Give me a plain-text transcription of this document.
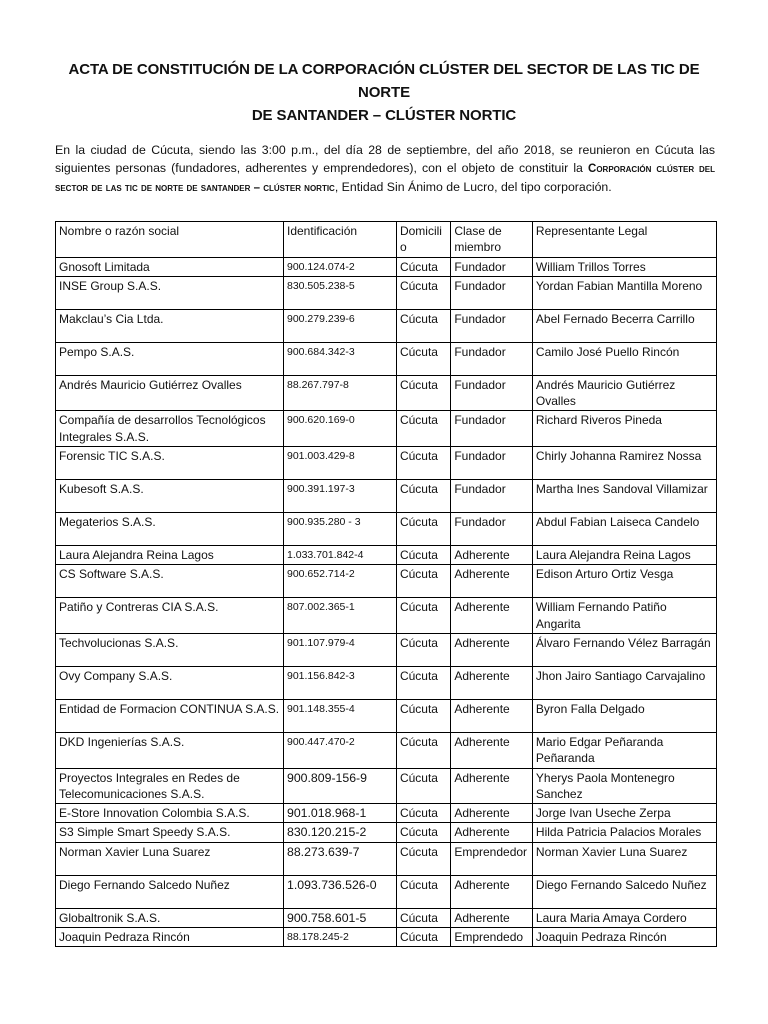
ACTA DE CONSTITUCIÓN DE LA CORPORACIÓN CLÚSTER DEL SECTOR DE LAS TIC DE NORTE
DE SANTANDER – CLÚSTER NORTIC
En la ciudad de Cúcuta, siendo las 3:00 p.m., del día 28 de septiembre, del año 2018, se reunieron en Cúcuta las siguientes personas (fundadores, adherentes y emprendedores), con el objeto de constituir la Corporación clúster del sector de las tic de norte de santander – clúster nortic, Entidad Sin Ánimo de Lucro, del tipo corporación.
Nombre o razón social	Identificación	Domicilio	Clase de miembro	Representante Legal
Gnosoft Limitada	900.124.074-2	Cúcuta	Fundador	William Trillos Torres
INSE Group S.A.S.	830.505.238-5	Cúcuta	Fundador	Yordan Fabian Mantilla Moreno
Makclau’s Cia Ltda.	900.279.239-6	Cúcuta	Fundador	Abel Fernado Becerra Carrillo
Pempo S.A.S.	900.684.342-3	Cúcuta	Fundador	Camilo José Puello Rincón
Andrés Mauricio Gutiérrez Ovalles	88.267.797-8	Cúcuta	Fundador	Andrés Mauricio Gutiérrez Ovalles
Compañía de desarrollos Tecnológicos Integrales S.A.S.	900.620.169-0	Cúcuta	Fundador	Richard Riveros Pineda
Forensic TIC S.A.S.	901.003.429-8	Cúcuta	Fundador	Chirly Johanna Ramirez Nossa
Kubesoft S.A.S.	900.391.197-3	Cúcuta	Fundador	Martha Ines Sandoval Villamizar
Megaterios S.A.S.	900.935.280 - 3	Cúcuta	Fundador	Abdul Fabian Laiseca Candelo
Laura Alejandra Reina Lagos	1.033.701.842-4	Cúcuta	Adherente	Laura Alejandra Reina Lagos
CS Software S.A.S.	900.652.714-2	Cúcuta	Adherente	Edison Arturo Ortiz Vesga
Patiño y Contreras CIA S.A.S.	807.002.365-1	Cúcuta	Adherente	William Fernando Patiño Angarita
Techvolucionas S.A.S.	901.107.979-4	Cúcuta	Adherente	Álvaro Fernando Vélez Barragán
Ovy Company S.A.S.	901.156.842-3	Cúcuta	Adherente	Jhon Jairo Santiago Carvajalino
Entidad de Formacion CONTINUA S.A.S.	901.148.355-4	Cúcuta	Adherente	Byron Falla Delgado
DKD Ingenierías S.A.S.	900.447.470-2	Cúcuta	Adherente	Mario Edgar Peñaranda Peñaranda
Proyectos Integrales en Redes de Telecomunicaciones S.A.S.	900.809-156-9	Cúcuta	Adherente	Yherys Paola Montenegro Sanchez
E-Store Innovation Colombia S.A.S.	901.018.968-1	Cúcuta	Adherente	Jorge Ivan Useche Zerpa
S3 Simple Smart Speedy S.A.S.	830.120.215-2	Cúcuta	Adherente	Hilda Patricia Palacios Morales
Norman Xavier Luna Suarez	88.273.639-7	Cúcuta	Emprendedor	Norman Xavier Luna Suarez
Diego Fernando Salcedo Nuñez	1.093.736.526-0	Cúcuta	Adherente	Diego Fernando Salcedo Nuñez
Globaltronik S.A.S.	900.758.601-5	Cúcuta	Adherente	Laura Maria Amaya Cordero
Joaquin Pedraza Rincón	88.178.245-2	Cúcuta	Emprendedo	Joaquin Pedraza Rincón
